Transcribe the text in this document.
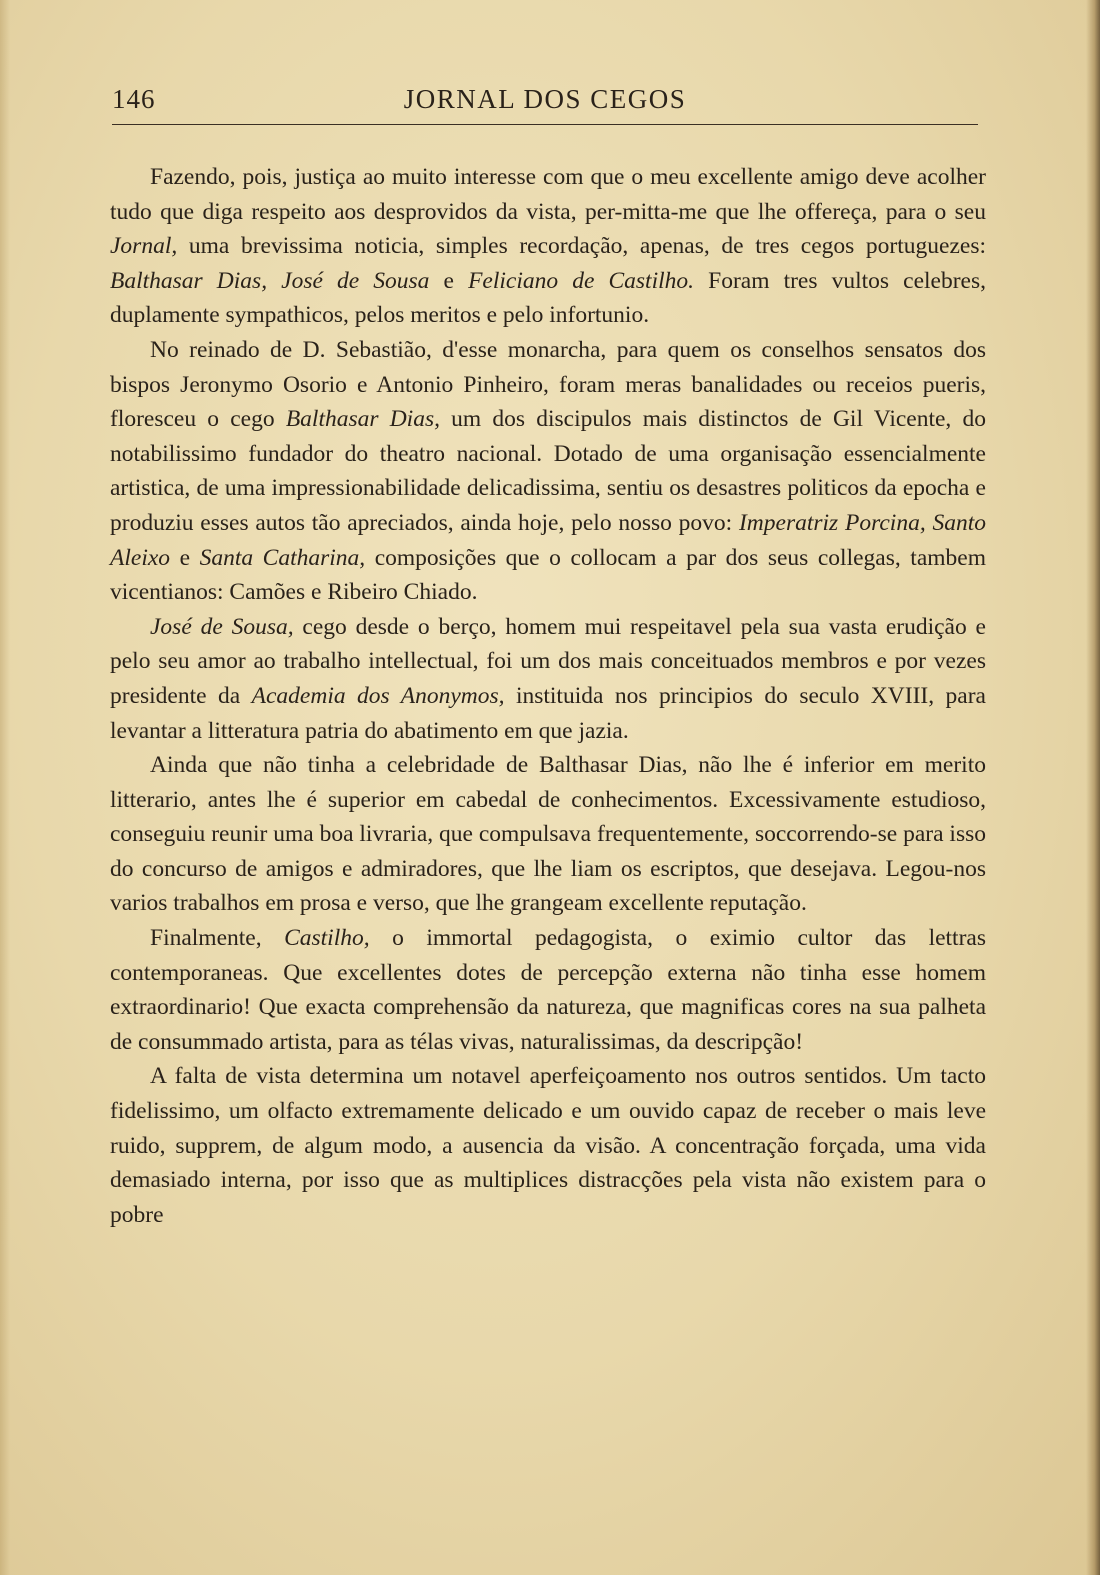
146	JORNAL DOS CEGOS

Fazendo, pois, justiça ao muito interesse com que o meu excellente amigo deve acolher tudo que diga respeito aos desprovidos da vista, per-mitta-me que lhe offereça, para o seu Jornal, uma brevissima noticia, simples recordação, apenas, de tres cegos portuguezes: Balthasar Dias, José de Sousa e Feliciano de Castilho. Foram tres vultos celebres, duplamente sympathicos, pelos meritos e pelo infortunio.

No reinado de D. Sebastião, d'esse monarcha, para quem os conselhos sensatos dos bispos Jeronymo Osorio e Antonio Pinheiro, foram meras banalidades ou receios pueris, floresceu o cego Balthasar Dias, um dos discipulos mais distinctos de Gil Vicente, do notabilissimo fundador do theatro nacional. Dotado de uma organisação essencialmente artistica, de uma impressionabilidade delicadissima, sentiu os desastres politicos da epocha e produziu esses autos tão apreciados, ainda hoje, pelo nosso povo: Imperatriz Porcina, Santo Aleixo e Santa Catharina, composições que o collocam a par dos seus collegas, tambem vicentianos: Camões e Ribeiro Chiado.

José de Sousa, cego desde o berço, homem mui respeitavel pela sua vasta erudição e pelo seu amor ao trabalho intellectual, foi um dos mais conceituados membros e por vezes presidente da Academia dos Anonymos, instituida nos principios do seculo XVIII, para levantar a litteratura patria do abatimento em que jazia.

Ainda que não tinha a celebridade de Balthasar Dias, não lhe é inferior em merito litterario, antes lhe é superior em cabedal de conhecimentos. Excessivamente estudioso, conseguiu reunir uma boa livraria, que compulsava frequentemente, soccorrendo-se para isso do concurso de amigos e admiradores, que lhe liam os escriptos, que desejava. Legou-nos varios trabalhos em prosa e verso, que lhe grangeam excellente reputação.

Finalmente, Castilho, o immortal pedagogista, o eximio cultor das lettras contemporaneas. Que excellentes dotes de percepção externa não tinha esse homem extraordinario! Que exacta comprehensão da natureza, que magnificas cores na sua palheta de consummado artista, para as télas vivas, naturalissimas, da descripção!

A falta de vista determina um notavel aperfeiçoamento nos outros sentidos. Um tacto fidelissimo, um olfacto extremamente delicado e um ouvido capaz de receber o mais leve ruido, supprem, de algum modo, a ausencia da visão. A concentração forçada, uma vida demasiado interna, por isso que as multiplices distracções pela vista não existem para o pobre
